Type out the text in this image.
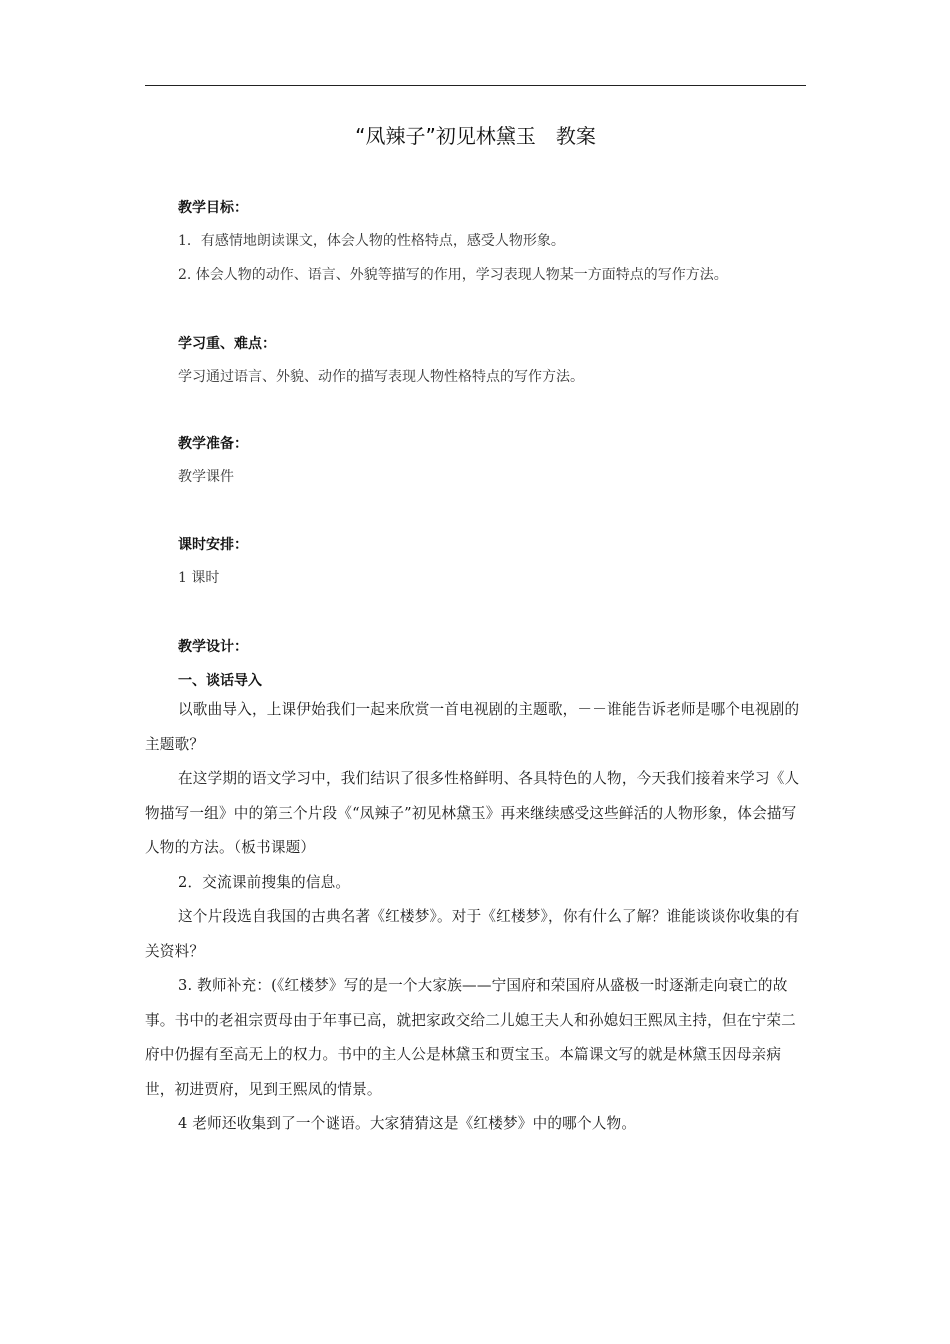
“凤辣子”初见林黛玉　教案
教学目标：
1．有感情地朗读课文，体会人物的性格特点，感受人物形象。
2. 体会人物的动作、语言、外貌等描写的作用，学习表现人物某一方面特点的写作方法。
学习重、难点：
学习通过语言、外貌、动作的描写表现人物性格特点的写作方法。
教学准备：
教学课件
课时安排：
1 课时
教学设计：
一、谈话导入

以歌曲导入，上课伊始我们一起来欣赏一首电视剧的主题歌，－－谁能告诉老师是哪个电视剧的主题歌？

在这学期的语文学习中，我们结识了很多性格鲜明、各具特色的人物，今天我们接着来学习《人物描写一组》中的第三个片段《“凤辣子”初见林黛玉》再来继续感受这些鲜活的人物形象，体会描写人物的方法。（板书课题）

2．交流课前搜集的信息。

这个片段选自我国的古典名著《红楼梦》。对于《红楼梦》，你有什么了解？谁能谈谈你收集的有关资料？

3. 教师补充：(《红楼梦》写的是一个大家族——宁国府和荣国府从盛极一时逐渐走向衰亡的故事。书中的老祖宗贾母由于年事已高，就把家政交给二儿媳王夫人和孙媳妇王熙凤主持，但在宁荣二府中仍握有至高无上的权力。书中的主人公是林黛玉和贾宝玉。本篇课文写的就是林黛玉因母亲病世，初进贾府，见到王熙凤的情景。

4 老师还收集到了一个谜语。大家猜猜这是《红楼梦》中的哪个人物。
